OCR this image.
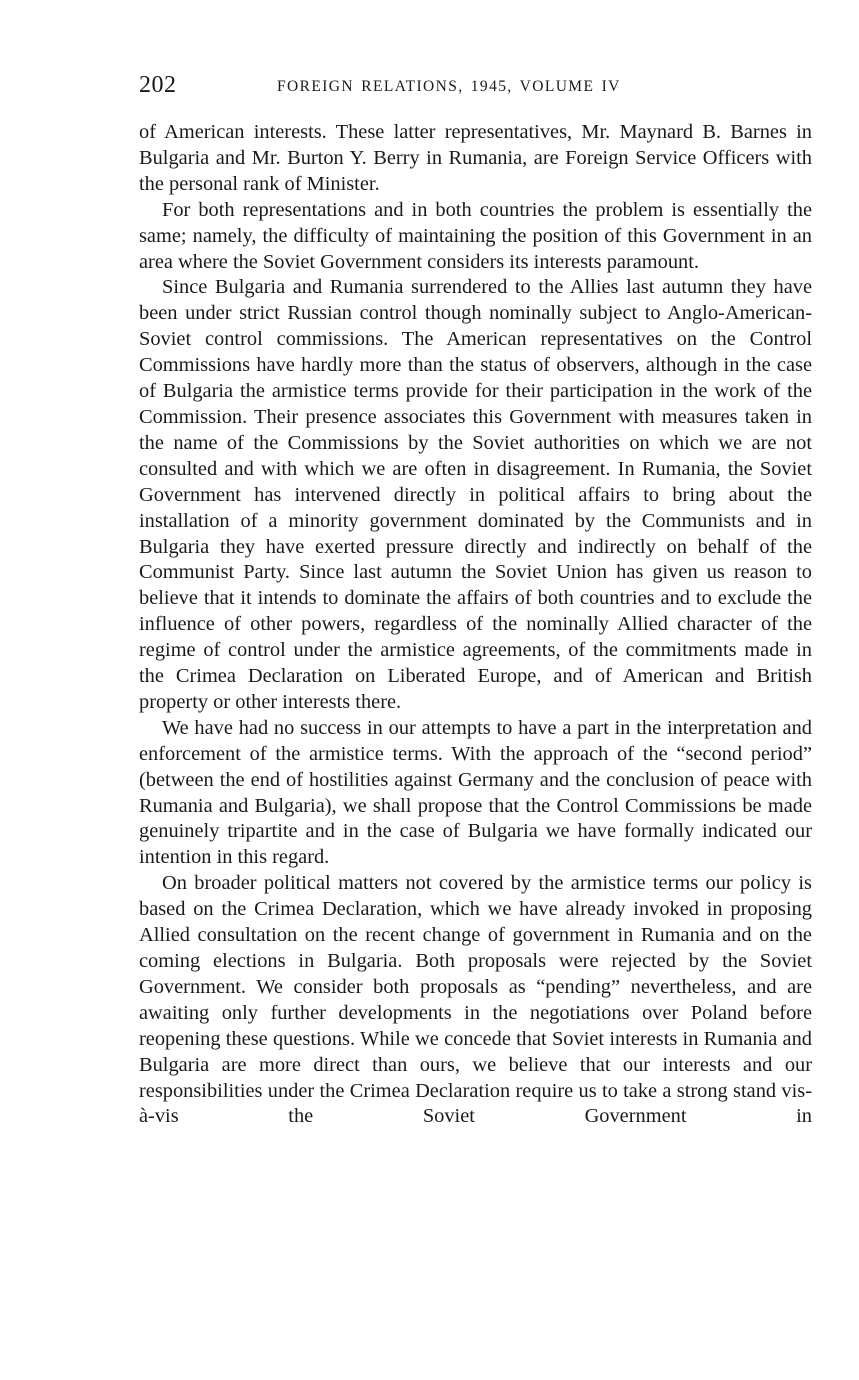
202	FOREIGN RELATIONS, 1945, VOLUME IV

of American interests. These latter representatives, Mr. Maynard B. Barnes in Bulgaria and Mr. Burton Y. Berry in Rumania, are Foreign Service Officers with the personal rank of Minister.

For both representations and in both countries the problem is essentially the same; namely, the difficulty of maintaining the position of this Government in an area where the Soviet Government considers its interests paramount.

Since Bulgaria and Rumania surrendered to the Allies last autumn they have been under strict Russian control though nominally subject to Anglo-American-Soviet control commissions. The American representatives on the Control Commissions have hardly more than the status of observers, although in the case of Bulgaria the armistice terms provide for their participation in the work of the Commission. Their presence associates this Government with measures taken in the name of the Commissions by the Soviet authorities on which we are not consulted and with which we are often in disagreement. In Rumania, the Soviet Government has intervened directly in political affairs to bring about the installation of a minority government dominated by the Communists and in Bulgaria they have exerted pressure directly and indirectly on behalf of the Communist Party. Since last autumn the Soviet Union has given us reason to believe that it intends to dominate the affairs of both countries and to exclude the influence of other powers, regardless of the nominally Allied character of the regime of control under the armistice agreements, of the commitments made in the Crimea Declaration on Liberated Europe, and of American and British property or other interests there.

We have had no success in our attempts to have a part in the interpretation and enforcement of the armistice terms. With the approach of the “second period” (between the end of hostilities against Germany and the conclusion of peace with Rumania and Bulgaria), we shall propose that the Control Commissions be made genuinely tripartite and in the case of Bulgaria we have formally indicated our intention in this regard.

On broader political matters not covered by the armistice terms our policy is based on the Crimea Declaration, which we have already invoked in proposing Allied consultation on the recent change of government in Rumania and on the coming elections in Bulgaria. Both proposals were rejected by the Soviet Government. We consider both proposals as “pending” nevertheless, and are awaiting only further developments in the negotiations over Poland before reopening these questions. While we concede that Soviet interests in Rumania and Bulgaria are more direct than ours, we believe that our interests and our responsibilities under the Crimea Declaration require us to take a strong stand vis-à-vis the Soviet Government in
